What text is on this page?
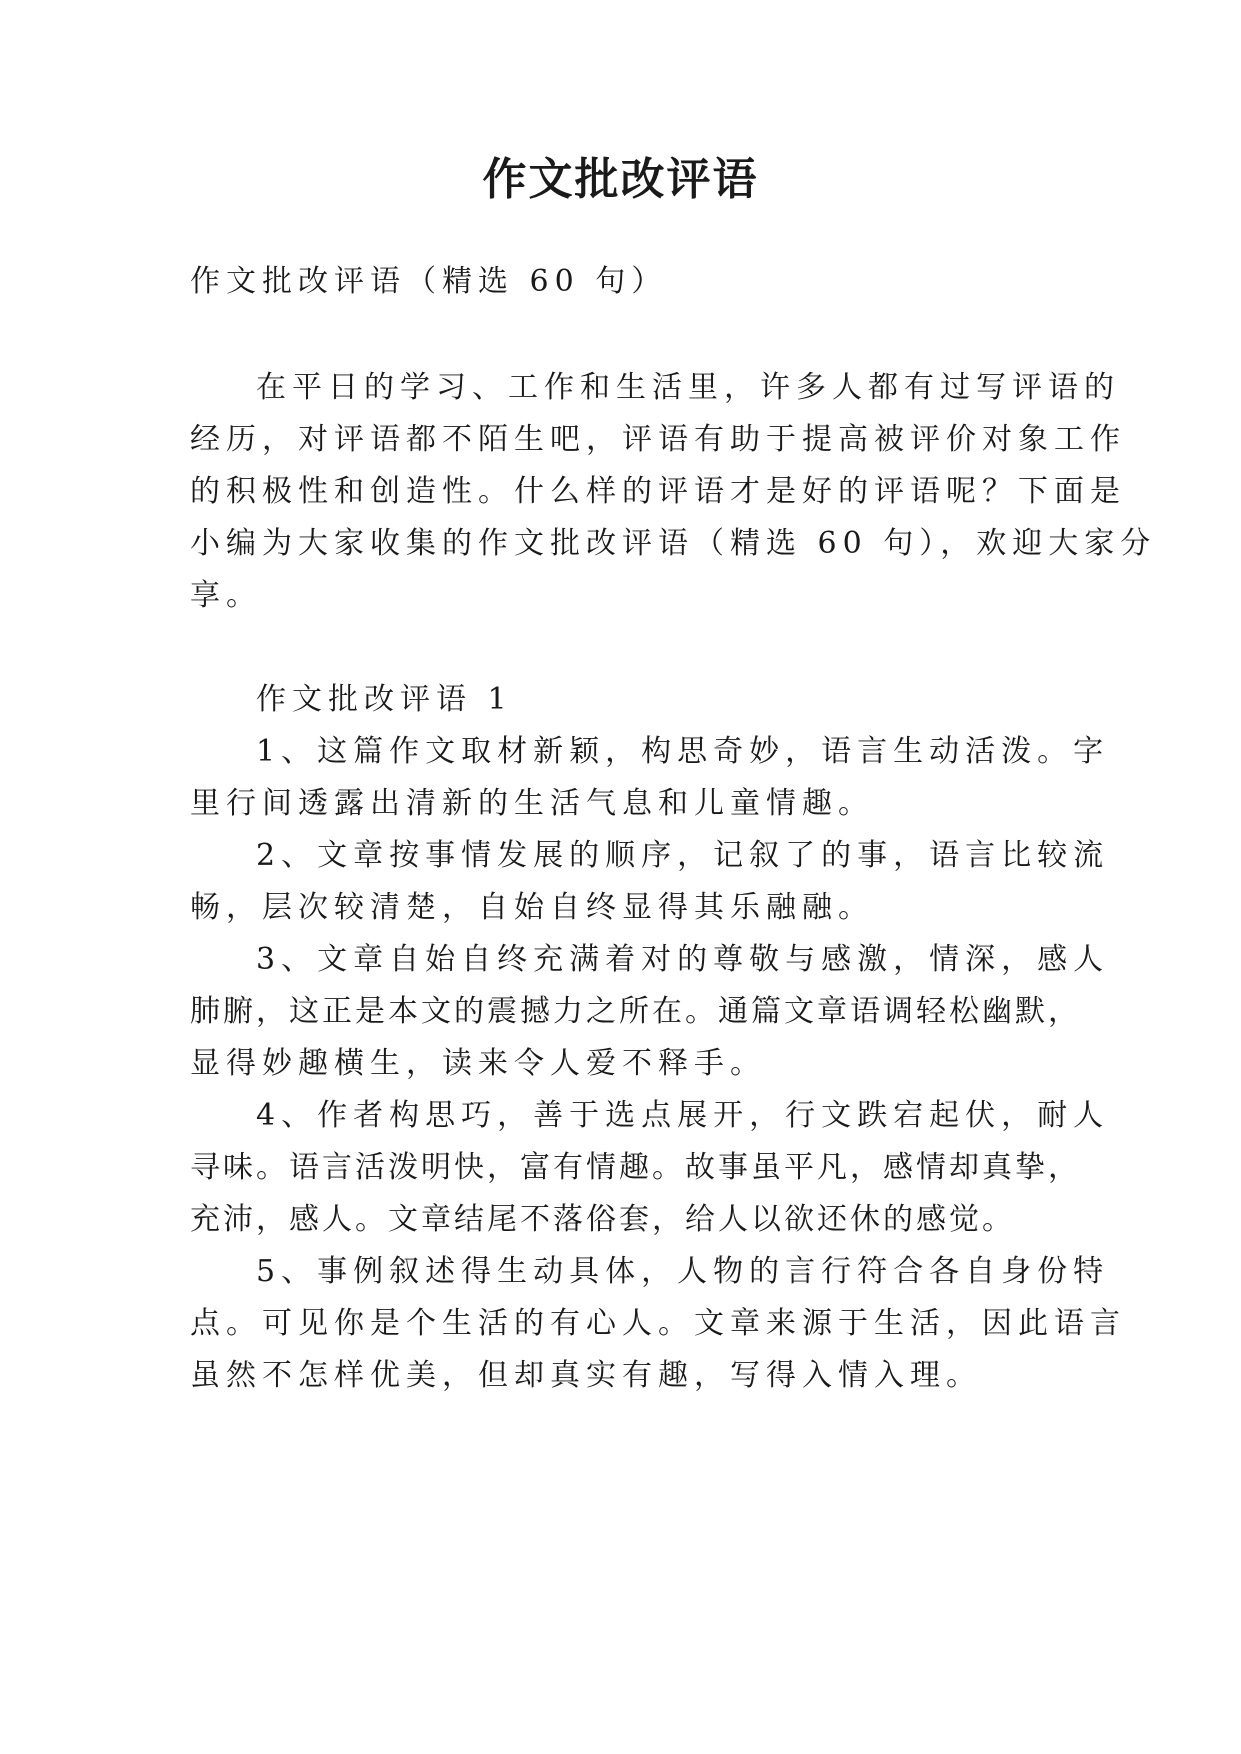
作文批改评语

作文批改评语（精选 60 句）

在平日的学习、工作和生活里，许多人都有过写评语的

经历，对评语都不陌生吧，评语有助于提高被评价对象工作

的积极性和创造性。什么样的评语才是好的评语呢？下面是

小编为大家收集的作文批改评语（精选 60 句），欢迎大家分

享。

作文批改评语 1

1、这篇作文取材新颖，构思奇妙，语言生动活泼。字

里行间透露出清新的生活气息和儿童情趣。

2、文章按事情发展的顺序，记叙了的事，语言比较流

畅，层次较清楚，自始自终显得其乐融融。

3、文章自始自终充满着对的尊敬与感激，情深，感人

肺腑，这正是本文的震撼力之所在。通篇文章语调轻松幽默，

显得妙趣横生，读来令人爱不释手。

4、作者构思巧，善于选点展开，行文跌宕起伏，耐人

寻味。语言活泼明快，富有情趣。故事虽平凡，感情却真挚，

充沛，感人。文章结尾不落俗套，给人以欲还休的感觉。

5、事例叙述得生动具体，人物的言行符合各自身份特

点。可见你是个生活的有心人。文章来源于生活，因此语言

虽然不怎样优美，但却真实有趣，写得入情入理。
